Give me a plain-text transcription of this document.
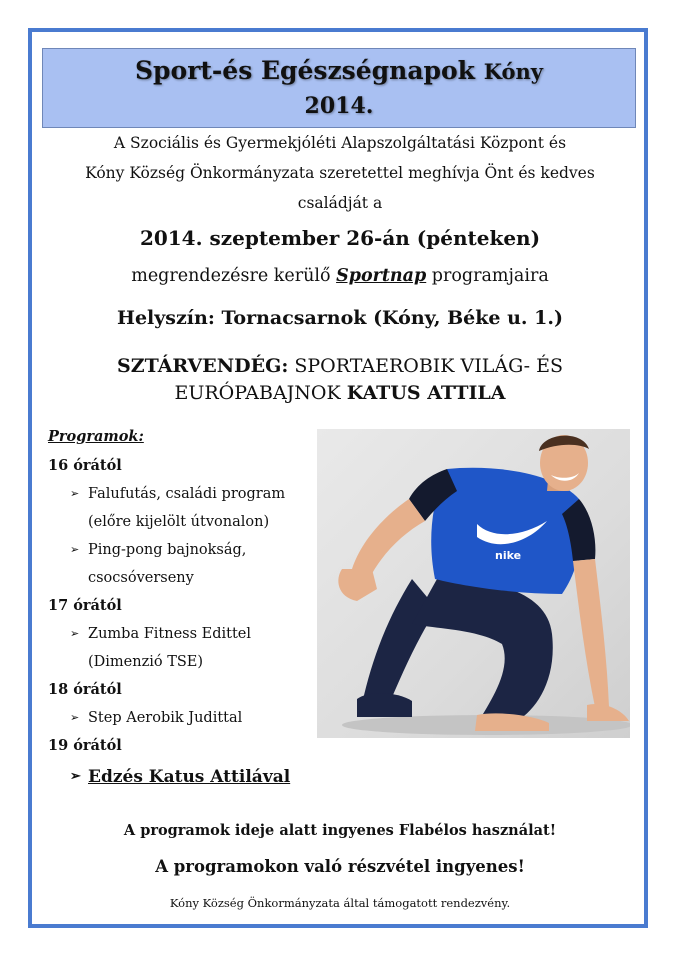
Sport-és Egészségnapok Kóny
2014.
A Szociális és Gyermekjóléti Alapszolgáltatási Központ és
Kóny Község Önkormányzata szeretettel meghívja Önt és kedves
családját a
2014. szeptember 26-án (pénteken)
megrendezésre kerülő Sportnap programjaira
Helyszín: Tornacsarnok (Kóny, Béke u. 1.)
SZTÁRVENDÉG: SPORTAEROBIK VILÁG- ÉS
EURÓPABAJNOK KATUS ATTILA
Programok:
16 órától
➢ Falufutás, családi program
(előre kijelölt útvonalon)
➢ Ping-pong bajnokság,
csocsóverseny
17 órától
➢ Zumba Fitness Edittel
(Dimenzió TSE)
18 órától
➢ Step Aerobik Judittal
19 órától
➢ Edzés Katus Attilával
nike
A programok ideje alatt ingyenes Flabélos használat!
A programokon való részvétel ingyenes!
Kóny Község Önkormányzata által támogatott rendezvény.
